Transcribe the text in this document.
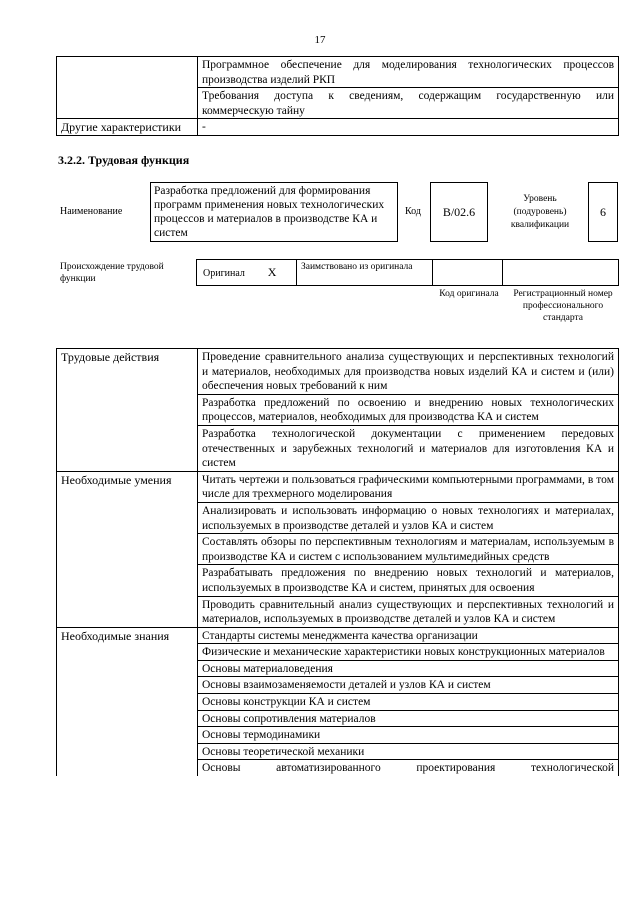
17
	Программное обеспечение для моделирования технологических процессов производства изделий РКП
	Требования доступа к сведениям, содержащим государственную или коммерческую тайну
Другие характеристики	-
3.2.2. Трудовая функция
Наименование
Разработка предложений для формирования программ применения новых технологических процессов и материалов в производстве КА и систем
Код	B/02.6
Уровень (подуровень) квалификации
6
Происхождение трудовой функции	Оригинал X	Заимствовано из оригинала		
Код оригинала Регистрационный номер профессионального стандарта
Трудовые действия	Проведение сравнительного анализа существующих и перспективных технологий и материалов, необходимых для производства новых изделий КА и систем и (или) обеспечения новых требований к ним
	Разработка предложений по освоению и внедрению новых технологических процессов, материалов, необходимых для производства КА и систем
	Разработка технологической документации с применением передовых отечественных и зарубежных технологий и материалов для изготовления КА и систем
Необходимые умения	Читать чертежи и пользоваться графическими компьютерными программами, в том числе для трехмерного моделирования
	Анализировать и использовать информацию о новых технологиях и материалах, используемых в производстве деталей и узлов КА и систем
	Составлять обзоры по перспективным технологиям и материалам, используемым в производстве КА и систем с использованием мультимедийных средств
	Разрабатывать предложения по внедрению новых технологий и материалов, используемых в производстве КА и систем, принятых для освоения
	Проводить сравнительный анализ существующих и перспективных технологий и материалов, используемых в производстве деталей и узлов КА и систем
Необходимые знания	Стандарты системы менеджмента качества организации
	Физические и механические характеристики новых конструкционных материалов
	Основы материаловедения
	Основы взаимозаменяемости деталей и узлов КА и систем
	Основы конструкции КА и систем
	Основы сопротивления материалов
	Основы термодинамики
	Основы теоретической механики
	Основы автоматизированного проектирования технологической
